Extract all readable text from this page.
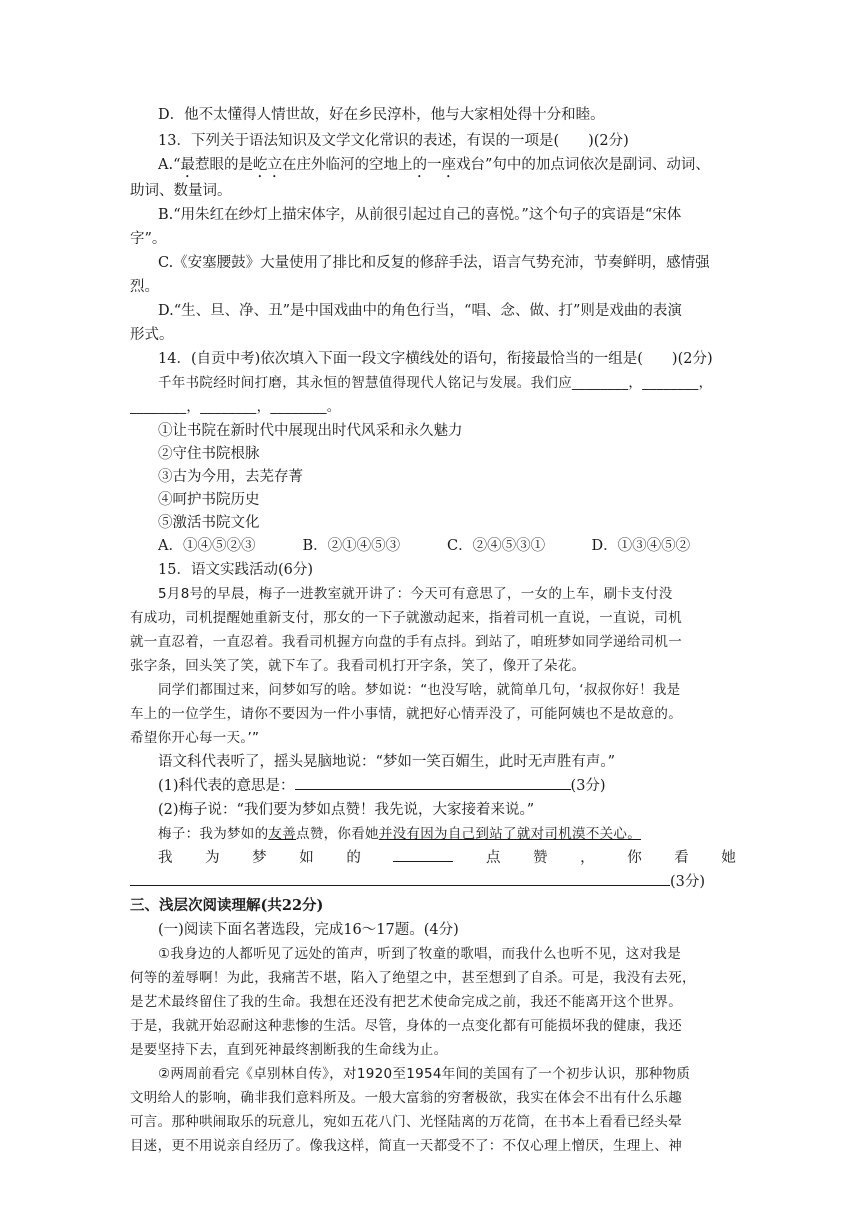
D．他不太懂得人情世故，好在乡民淳朴，他与大家相处得十分和睦。
13．下列关于语法知识及文学文化常识的表述，有误的一项是(　　)(2分)
A.“最惹眼的是屹立在庄外临河的空地上的一座戏台”句中的加点词依次是副词、动词、
助词、数量词。
B.“用朱红在纱灯上描宋体字，从前很引起过自己的喜悦。”这个句子的宾语是“宋体
字”。
C.《安塞腰鼓》大量使用了排比和反复的修辞手法，语言气势充沛，节奏鲜明，感情强
烈。
D.“生、旦、净、丑”是中国戏曲中的角色行当，“唱、念、做、打”则是戏曲的表演
形式。
14．(自贡中考)依次填入下面一段文字横线处的语句，衔接最恰当的一组是(　　)(2分)
千年书院经时间打磨，其永恒的智慧值得现代人铭记与发展。我们应________，________，
________，________，________。
①让书院在新时代中展现出时代风采和永久魅力
②守住书院根脉
③古为今用，去芜存菁
④呵护书院历史
⑤激活书院文化
A．①④⑤②③	B．②①④⑤③	C．②④⑤③①	D．①③④⑤②
15．语文实践活动(6分)
5月8号的早晨，梅子一进教室就开讲了：今天可有意思了，一女的上车，刷卡支付没
有成功，司机提醒她重新支付，那女的一下子就激动起来，指着司机一直说，一直说，司机
就一直忍着，一直忍着。我看司机握方向盘的手有点抖。到站了，咱班梦如同学递给司机一
张字条，回头笑了笑，就下车了。我看司机打开字条，笑了，像开了朵花。
同学们都围过来，问梦如写的啥。梦如说：“也没写啥，就简单几句，‘叔叔你好！我是
车上的一位学生，请你不要因为一件小事情，就把好心情弄没了，可能阿姨也不是故意的。
希望你开心每一天。’”
语文科代表听了，摇头晃脑地说：“梦如一笑百媚生，此时无声胜有声。”
(1)科代表的意思是：	(3分)
(2)梅子说：“我们要为梦如点赞！我先说，大家接着来说。”
梅子：我为梦如的友善点赞，你看她并没有因为自己到站了就对司机漠不关心。
我 为 梦 如 的	点 赞 ， 你 看 她
(3分)
三、浅层次阅读理解(共22分)
(一)阅读下面名著选段，完成16～17题。(4分)
①我身边的人都听见了远处的笛声，听到了牧童的歌唱，而我什么也听不见，这对我是
何等的羞辱啊！为此，我痛苦不堪，陷入了绝望之中，甚至想到了自杀。可是，我没有去死，
是艺术最终留住了我的生命。我想在还没有把艺术使命完成之前，我还不能离开这个世界。
于是，我就开始忍耐这种悲惨的生活。尽管，身体的一点变化都有可能损坏我的健康，我还
是要坚持下去，直到死神最终割断我的生命线为止。
②两周前看完《卓别林自传》，对1920至1954年间的美国有了一个初步认识，那种物质
文明给人的影响，确非我们意料所及。一般大富翁的穷奢极欲，我实在体会不出有什么乐趣
可言。那种哄闹取乐的玩意儿，宛如五花八门、光怪陆离的万花筒，在书本上看看已经头晕
目迷，更不用说亲自经历了。像我这样，简直一天都受不了：不仅心理上憎厌，生理上、神
